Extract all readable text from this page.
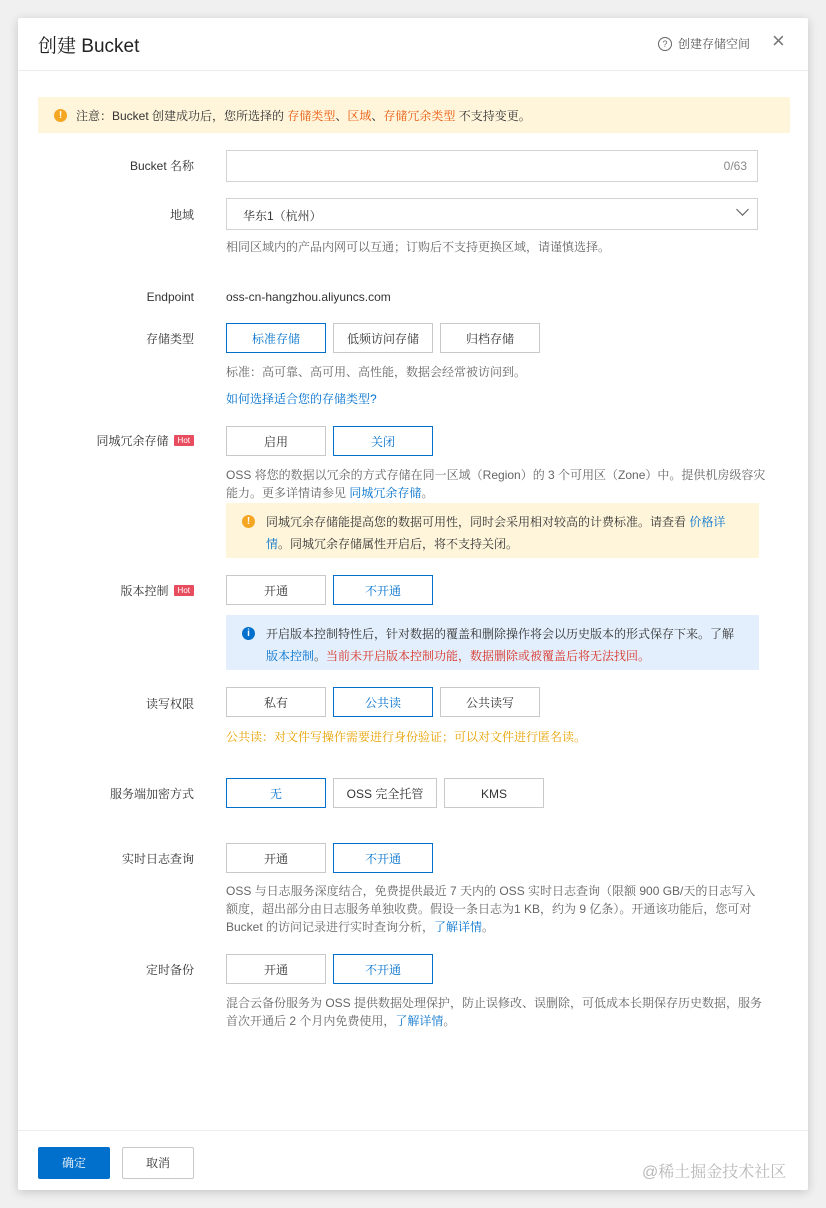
创建 Bucket	? 创建存储空间 ×
!	注意：Bucket 创建成功后，您所选择的 存储类型、区域、存储冗余类型 不支持变更。
Bucket 名称	0/63
地域	华东1（杭州）
相同区域内的产品内网可以互通；订购后不支持更换区域，请谨慎选择。
Endpoint	oss-cn-hangzhou.aliyuncs.com
存储类型	标准存储	低频访问存储	归档存储
标准：高可靠、高可用、高性能，数据会经常被访问到。
如何选择适合您的存储类型?
同城冗余存储 Hot	启用	关闭
OSS 将您的数据以冗余的方式存储在同一区域（Region）的 3 个可用区（Zone）中。提供机房级容灾能力。更多详情请参见 同城冗余存储。
!	同城冗余存储能提高您的数据可用性，同时会采用相对较高的计费标准。请查看 价格详情。同城冗余存储属性开启后，将不支持关闭。
版本控制 Hot	开通	不开通
i	开启版本控制特性后，针对数据的覆盖和删除操作将会以历史版本的形式保存下来。了解 版本控制。当前未开启版本控制功能，数据删除或被覆盖后将无法找回。
读写权限	私有	公共读	公共读写
公共读：对文件写操作需要进行身份验证；可以对文件进行匿名读。
服务端加密方式	无	OSS 完全托管	KMS
实时日志查询	开通	不开通
OSS 与日志服务深度结合，免费提供最近 7 天内的 OSS 实时日志查询（限额 900 GB/天的日志写入额度，超出部分由日志服务单独收费。假设一条日志为1 KB，约为 9 亿条）。开通该功能后，您可对 Bucket 的访问记录进行实时查询分析，了解详情。
定时备份	开通	不开通
混合云备份服务为 OSS 提供数据处理保护，防止误修改、误删除，可低成本长期保存历史数据，服务首次开通后 2 个月内免费使用，了解详情。
确定	取消
@稀土掘金技术社区
